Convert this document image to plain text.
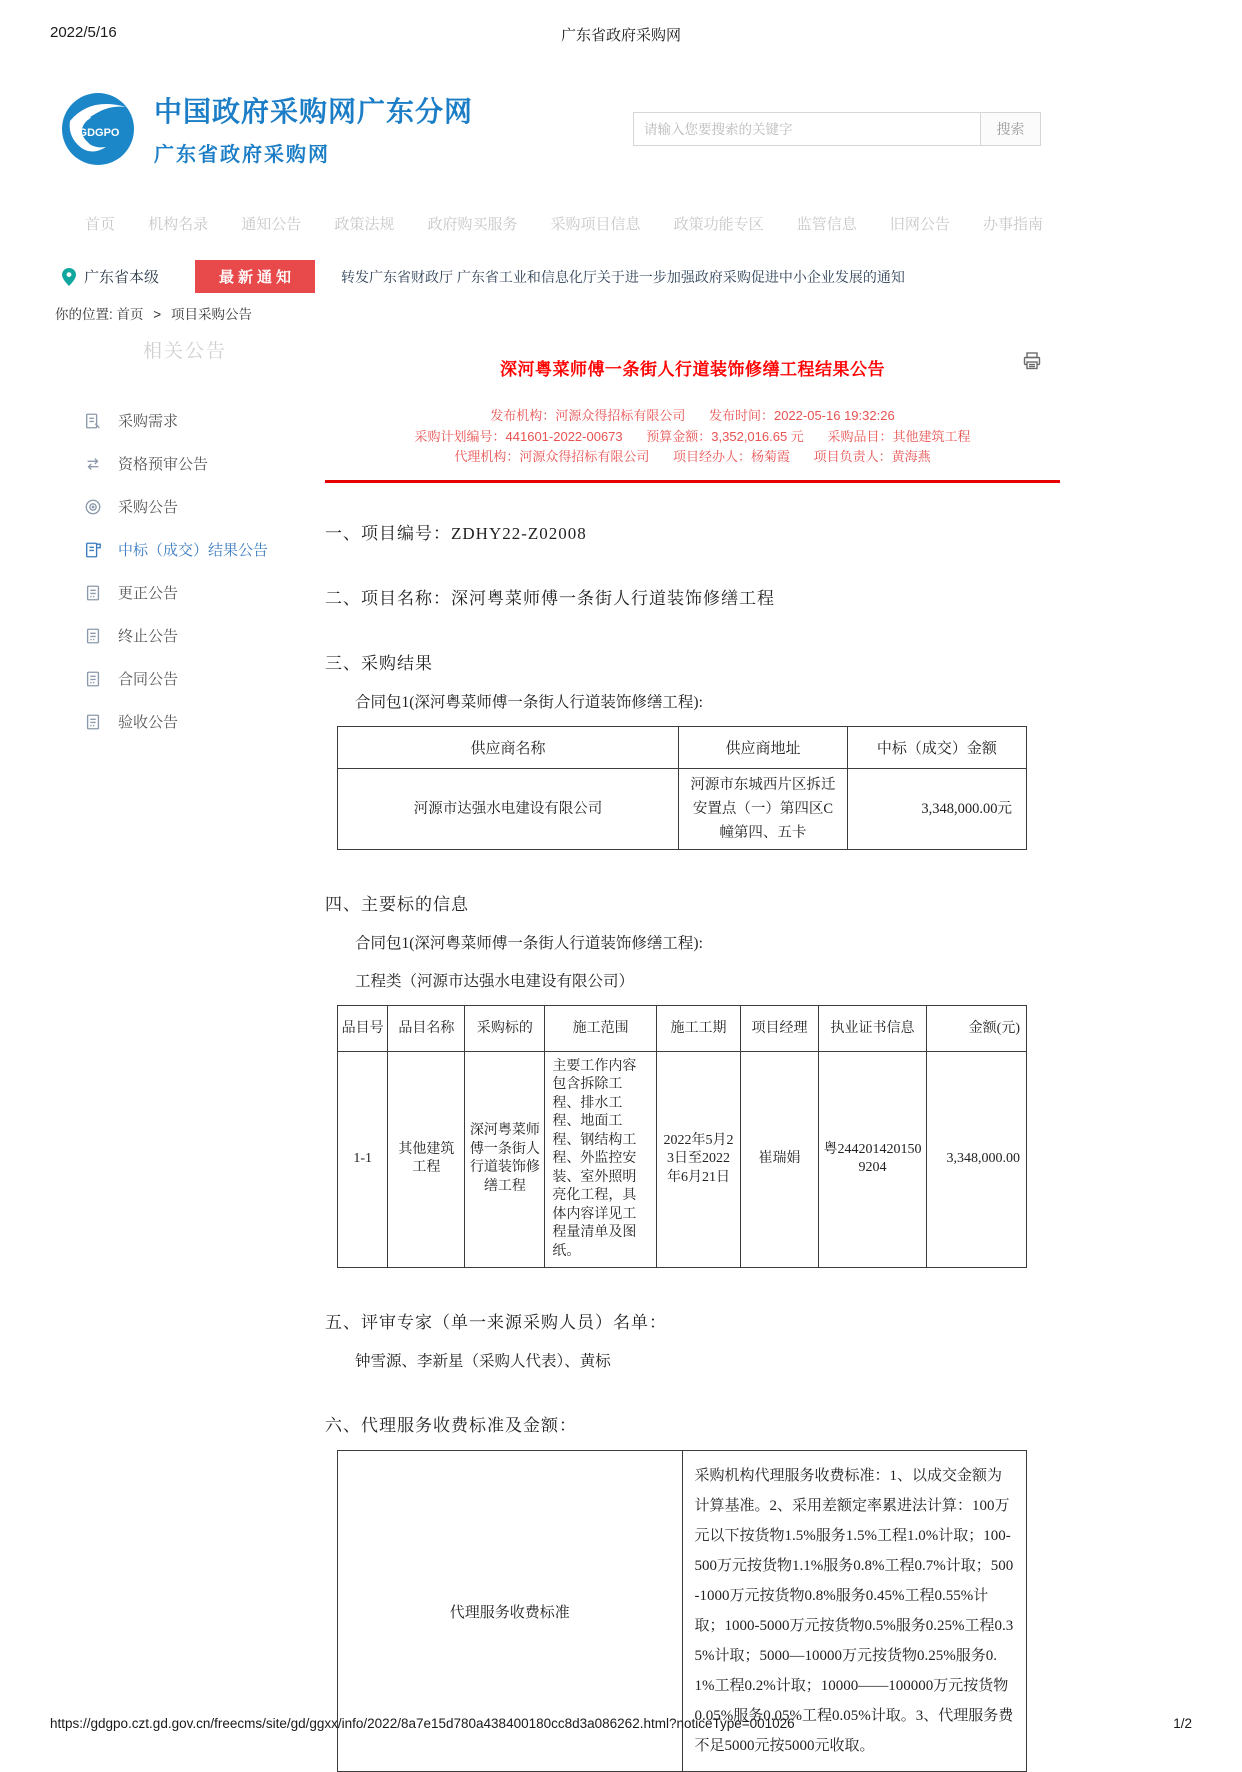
2022/5/16	广东省政府采购网
GDGPO
中国政府采购网广东分网
广东省政府采购网
请输入您要搜索的关键字
搜索
首页 机构名录 通知公告 政策法规 政府购买服务 采购项目信息 政策功能专区 监管信息 旧网公告 办事指南
广东省本级	最新通知	转发广东省财政厅 广东省工业和信息化厅关于进一步加强政府采购促进中小企业发展的通知
你的位置: 首页 > 项目采购公告
相关公告
采购需求
资格预审公告
采购公告
中标（成交）结果公告
更正公告
终止公告
合同公告
验收公告
深河粤菜师傅一条街人行道装饰修缮工程结果公告
发布机构：河源众得招标有限公司 发布时间：2022-05-16 19:32:26
采购计划编号：441601-2022-00673 预算金额：3,352,016.65 元 采购品目：其他建筑工程
代理机构：河源众得招标有限公司 项目经办人：杨菊霞 项目负责人：黄海燕
一、项目编号：ZDHY22-Z02008
二、项目名称：深河粤菜师傅一条街人行道装饰修缮工程
三、采购结果
合同包1(深河粤菜师傅一条街人行道装饰修缮工程):
供应商名称	供应商地址	中标（成交）金额
河源市达强水电建设有限公司	河源市东城西片区拆迁安置点（一）第四区C幢第四、五卡	3,348,000.00元
四、主要标的信息
合同包1(深河粤菜师傅一条街人行道装饰修缮工程):
工程类（河源市达强水电建设有限公司）
品目号	品目名称	采购标的	施工范围	施工工期	项目经理	执业证书信息	金额(元)
1-1	其他建筑工程	深河粤菜师傅一条街人行道装饰修缮工程	主要工作内容包含拆除工程、排水工程、地面工程、钢结构工程、外监控安装、室外照明亮化工程，具 体内容详见工程量清单及图纸。	2022年5月23日至2022年6月21日	崔瑞娟	粤2442014201509204	3,348,000.00
五、评审专家（单一来源采购人员）名单：
钟雪源、李新星（采购人代表）、黄标
六、代理服务收费标准及金额：
代理服务收费标准	采购机构代理服务收费标准：1、以成交金额为计算基准。2、采用差额定率累进法计算：100万元以下按货物1.5%服务1.5%工程1.0%计取；100-500万元按货物1.1%服务0.8%工程0.7%计取；500-1000万元按货物0.8%服务0.45%工程0.55%计取；1000-5000万元按货物0.5%服务0.25%工程0.35%计取；5000—10000万元按货物0.25%服务0.1%工程0.2%计取；10000——100000万元按货物0.05%服务0.05%工程0.05%计取。3、代理服务费不足5000元按5000元收取。
https://gdgpo.czt.gd.gov.cn/freecms/site/gd/ggxx/info/2022/8a7e15d780a438400180cc8d3a086262.html?noticeType=001026	1/2
